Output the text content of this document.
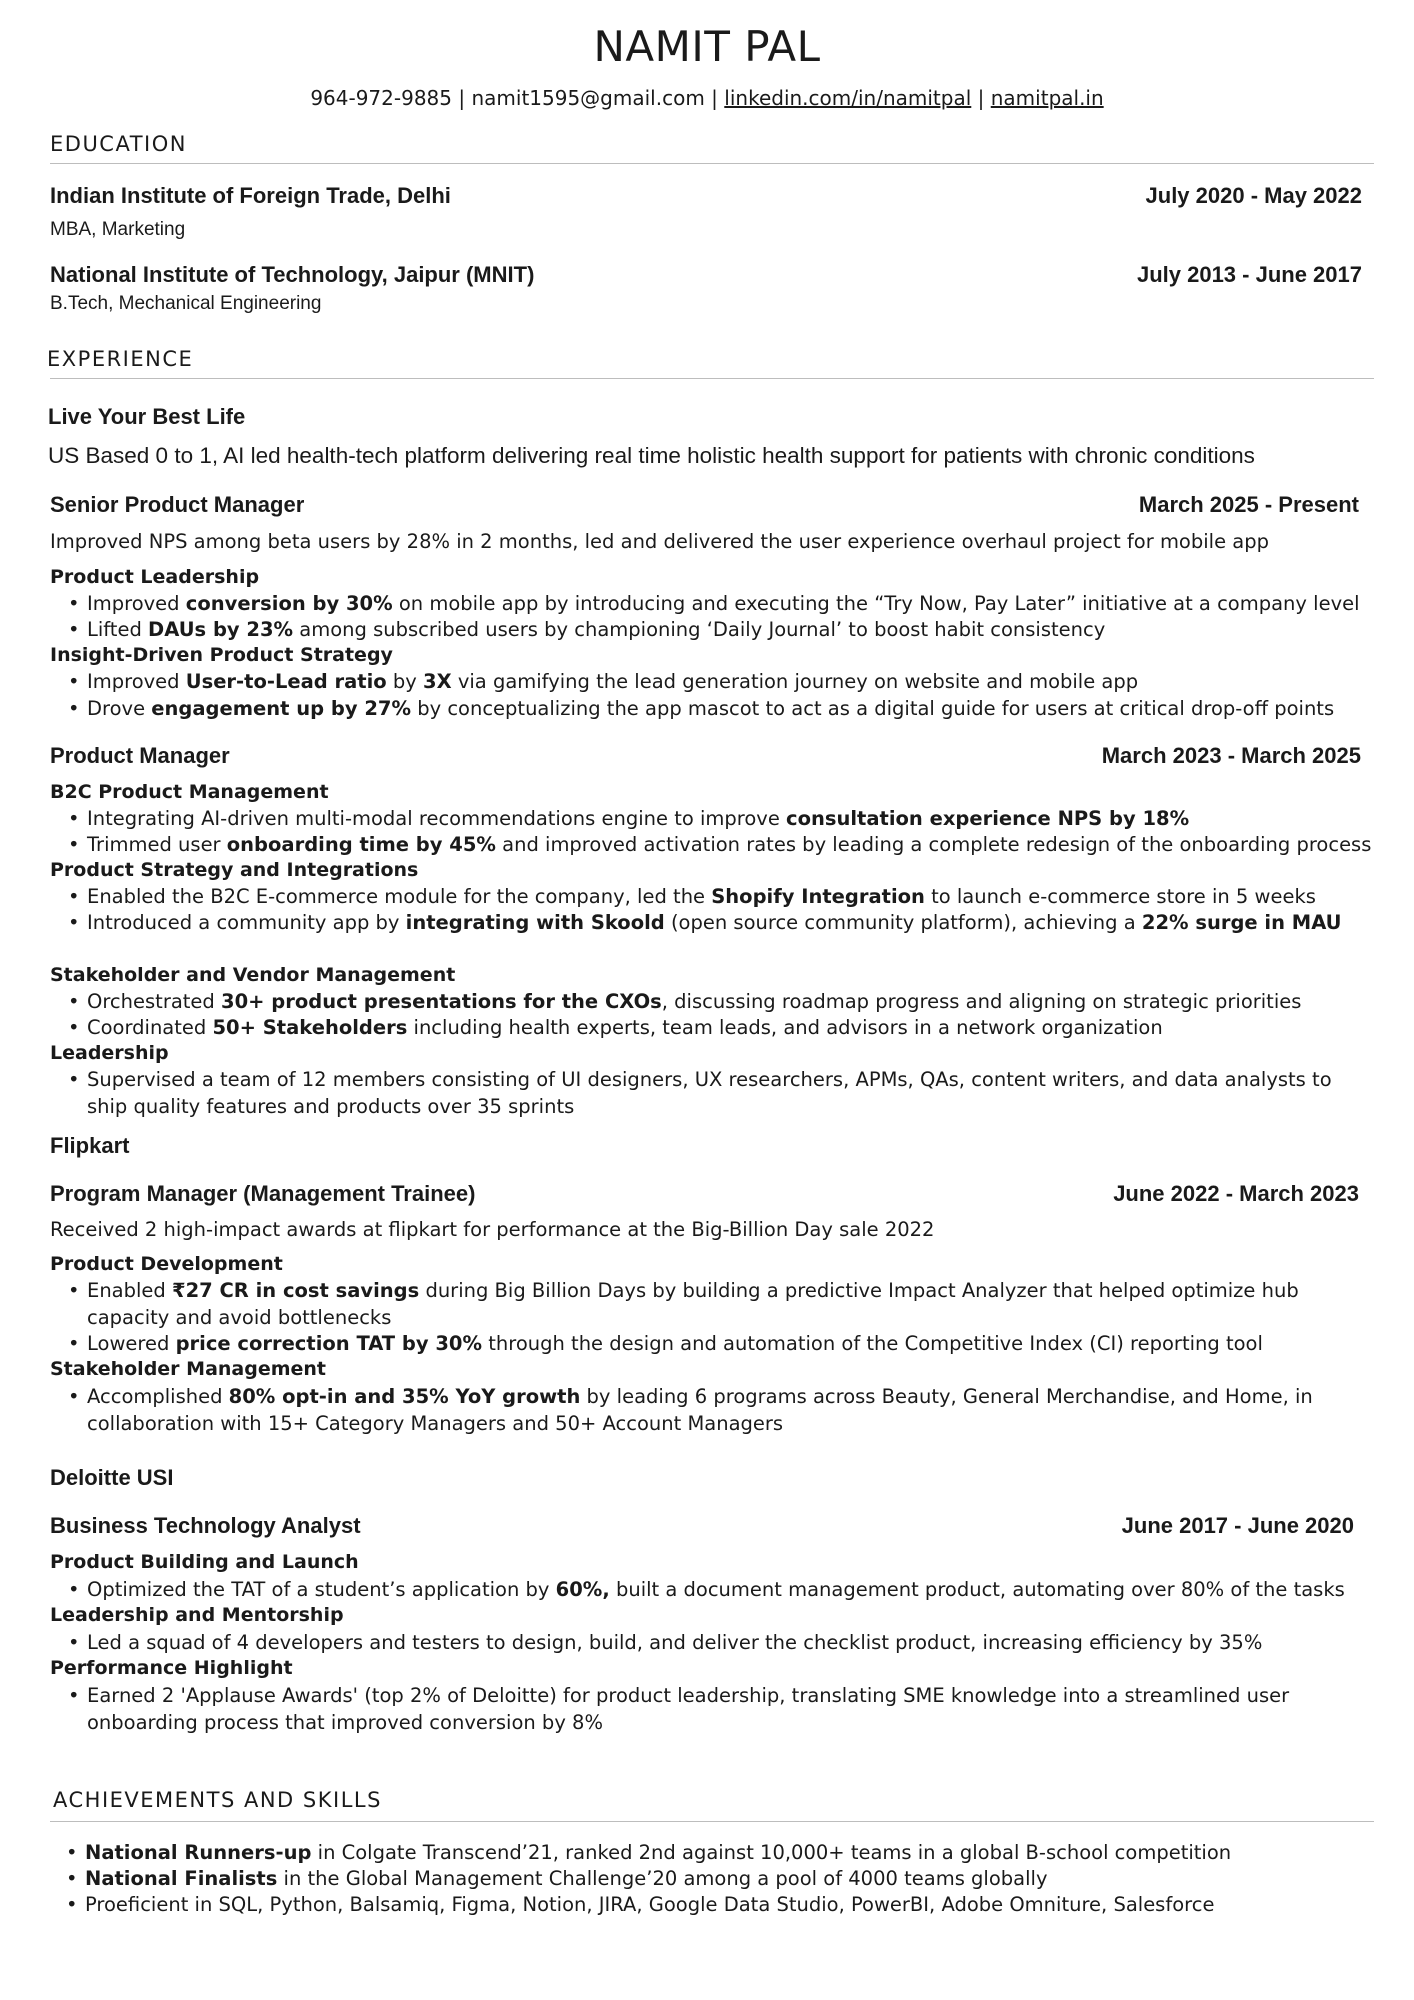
NAMIT PAL
964-972-9885 | namit1595@gmail.com | linkedin.com/in/namitpal | namitpal.in
EDUCATION
Indian Institute of Foreign Trade, Delhi	July 2020 - May 2022
MBA, Marketing
National Institute of Technology, Jaipur (MNIT)	July 2013 - June 2017
B.Tech, Mechanical Engineering
EXPERIENCE
Live Your Best Life
US Based 0 to 1, AI led health-tech platform delivering real time holistic health support for patients with chronic conditions
Senior Product Manager	March 2025 - Present
Improved NPS among beta users by 28% in 2 months, led and delivered the user experience overhaul project for mobile app
Product Leadership
• Improved conversion by 30% on mobile app by introducing and executing the “Try Now, Pay Later” initiative at a company level
• Lifted DAUs by 23% among subscribed users by championing ‘Daily Journal’ to boost habit consistency
Insight-Driven Product Strategy
• Improved User-to-Lead ratio by 3X via gamifying the lead generation journey on website and mobile app
• Drove engagement up by 27% by conceptualizing the app mascot to act as a digital guide for users at critical drop-off points
Product Manager	March 2023 - March 2025
B2C Product Management
• Integrating AI-driven multi-modal recommendations engine to improve consultation experience NPS by 18%
• Trimmed user onboarding time by 45% and improved activation rates by leading a complete redesign of the onboarding process
Product Strategy and Integrations
• Enabled the B2C E-commerce module for the company, led the Shopify Integration to launch e-commerce store in 5 weeks
• Introduced a community app by integrating with Skoold (open source community platform), achieving a 22% surge in MAU
Stakeholder and Vendor Management
• Orchestrated 30+ product presentations for the CXOs, discussing roadmap progress and aligning on strategic priorities
• Coordinated 50+ Stakeholders including health experts, team leads, and advisors in a network organization
Leadership
• Supervised a team of 12 members consisting of UI designers, UX researchers, APMs, QAs, content writers, and data analysts to ship quality features and products over 35 sprints
Flipkart
Program Manager (Management Trainee)	June 2022 - March 2023
Received 2 high-impact awards at flipkart for performance at the Big-Billion Day sale 2022
Product Development
• Enabled ₹27 CR in cost savings during Big Billion Days by building a predictive Impact Analyzer that helped optimize hub capacity and avoid bottlenecks
• Lowered price correction TAT by 30% through the design and automation of the Competitive Index (CI) reporting tool
Stakeholder Management
• Accomplished 80% opt-in and 35% YoY growth by leading 6 programs across Beauty, General Merchandise, and Home, in collaboration with 15+ Category Managers and 50+ Account Managers
Deloitte USI
Business Technology Analyst	June 2017 - June 2020
Product Building and Launch
• Optimized the TAT of a student’s application by 60%, built a document management product, automating over 80% of the tasks
Leadership and Mentorship
• Led a squad of 4 developers and testers to design, build, and deliver the checklist product, increasing efficiency by 35%
Performance Highlight
• Earned 2 'Applause Awards' (top 2% of Deloitte) for product leadership, translating SME knowledge into a streamlined user onboarding process that improved conversion by 8%
ACHIEVEMENTS AND SKILLS
• National Runners-up in Colgate Transcend’21, ranked 2nd against 10,000+ teams in a global B-school competition
• National Finalists in the Global Management Challenge’20 among a pool of 4000 teams globally
• Proeficient in SQL, Python, Balsamiq, Figma, Notion, JIRA, Google Data Studio, PowerBI, Adobe Omniture, Salesforce
